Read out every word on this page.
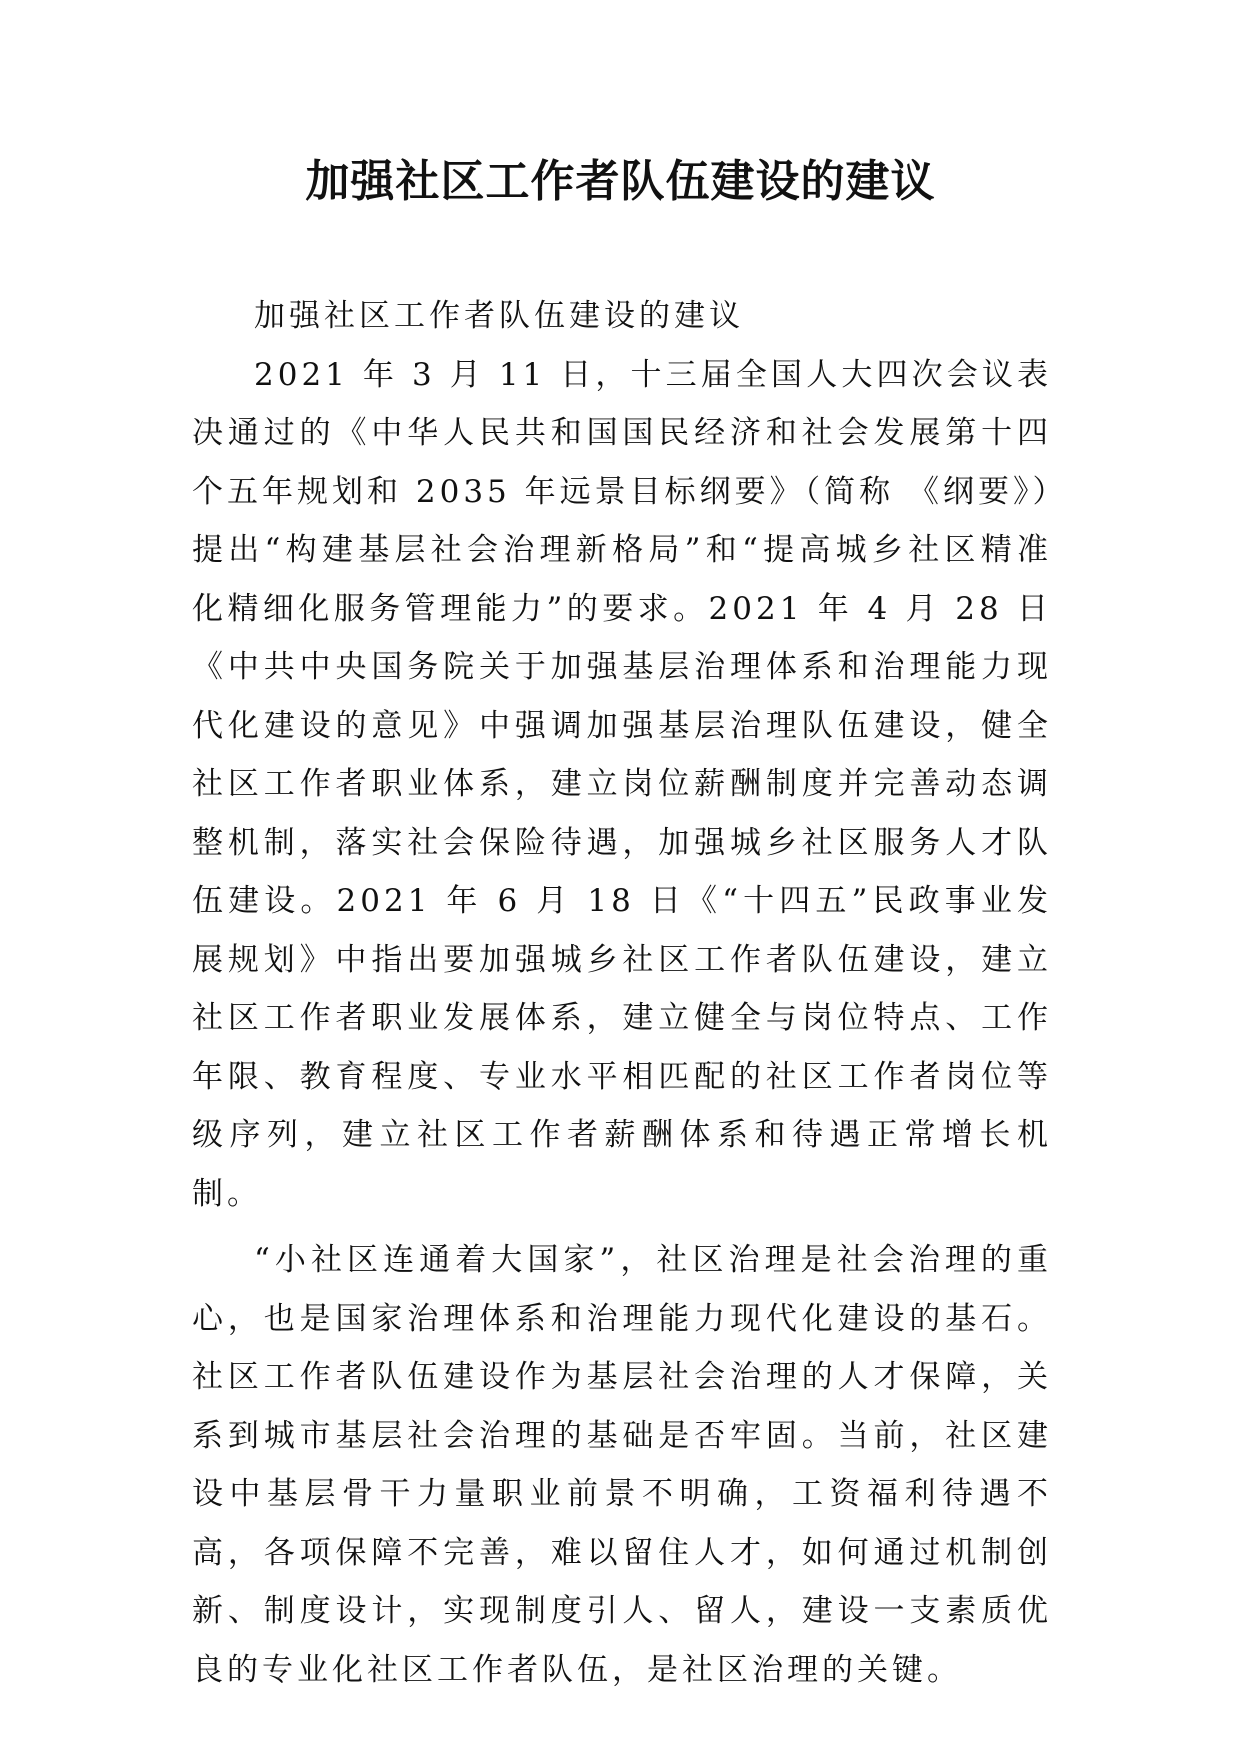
加强社区工作者队伍建设的建议

加强社区工作者队伍建设的建议

2021 年 3 月 11 日，十三届全国人大四次会议表决通过的《中华人民共和国国民经济和社会发展第十四个五年规划和 2035 年远景目标纲要》（简称 《纲要》）提出“构建基层社会治理新格局”和“提高城乡社区精准化精细化服务管理能力”的要求。2021 年 4 月 28 日《中共中央国务院关于加强基层治理体系和治理能力现代化建设的意见》中强调加强基层治理队伍建设，健全社区工作者职业体系，建立岗位薪酬制度并完善动态调整机制，落实社会保险待遇，加强城乡社区服务人才队伍建设。2021 年 6 月 18 日《“十四五”民政事业发展规划》中指出要加强城乡社区工作者队伍建设，建立社区工作者职业发展体系，建立健全与岗位特点、工作年限、教育程度、专业水平相匹配的社区工作者岗位等级序列，建立社区工作者薪酬体系和待遇正常增长机制。

“小社区连通着大国家”，社区治理是社会治理的重心，也是国家治理体系和治理能力现代化建设的基石。社区工作者队伍建设作为基层社会治理的人才保障，关系到城市基层社会治理的基础是否牢固。当前，社区建设中基层骨干力量职业前景不明确，工资福利待遇不高，各项保障不完善，难以留住人才，如何通过机制创新、制度设计，实现制度引人、留人，建设一支素质优良的专业化社区工作者队伍，是社区治理的关键。
